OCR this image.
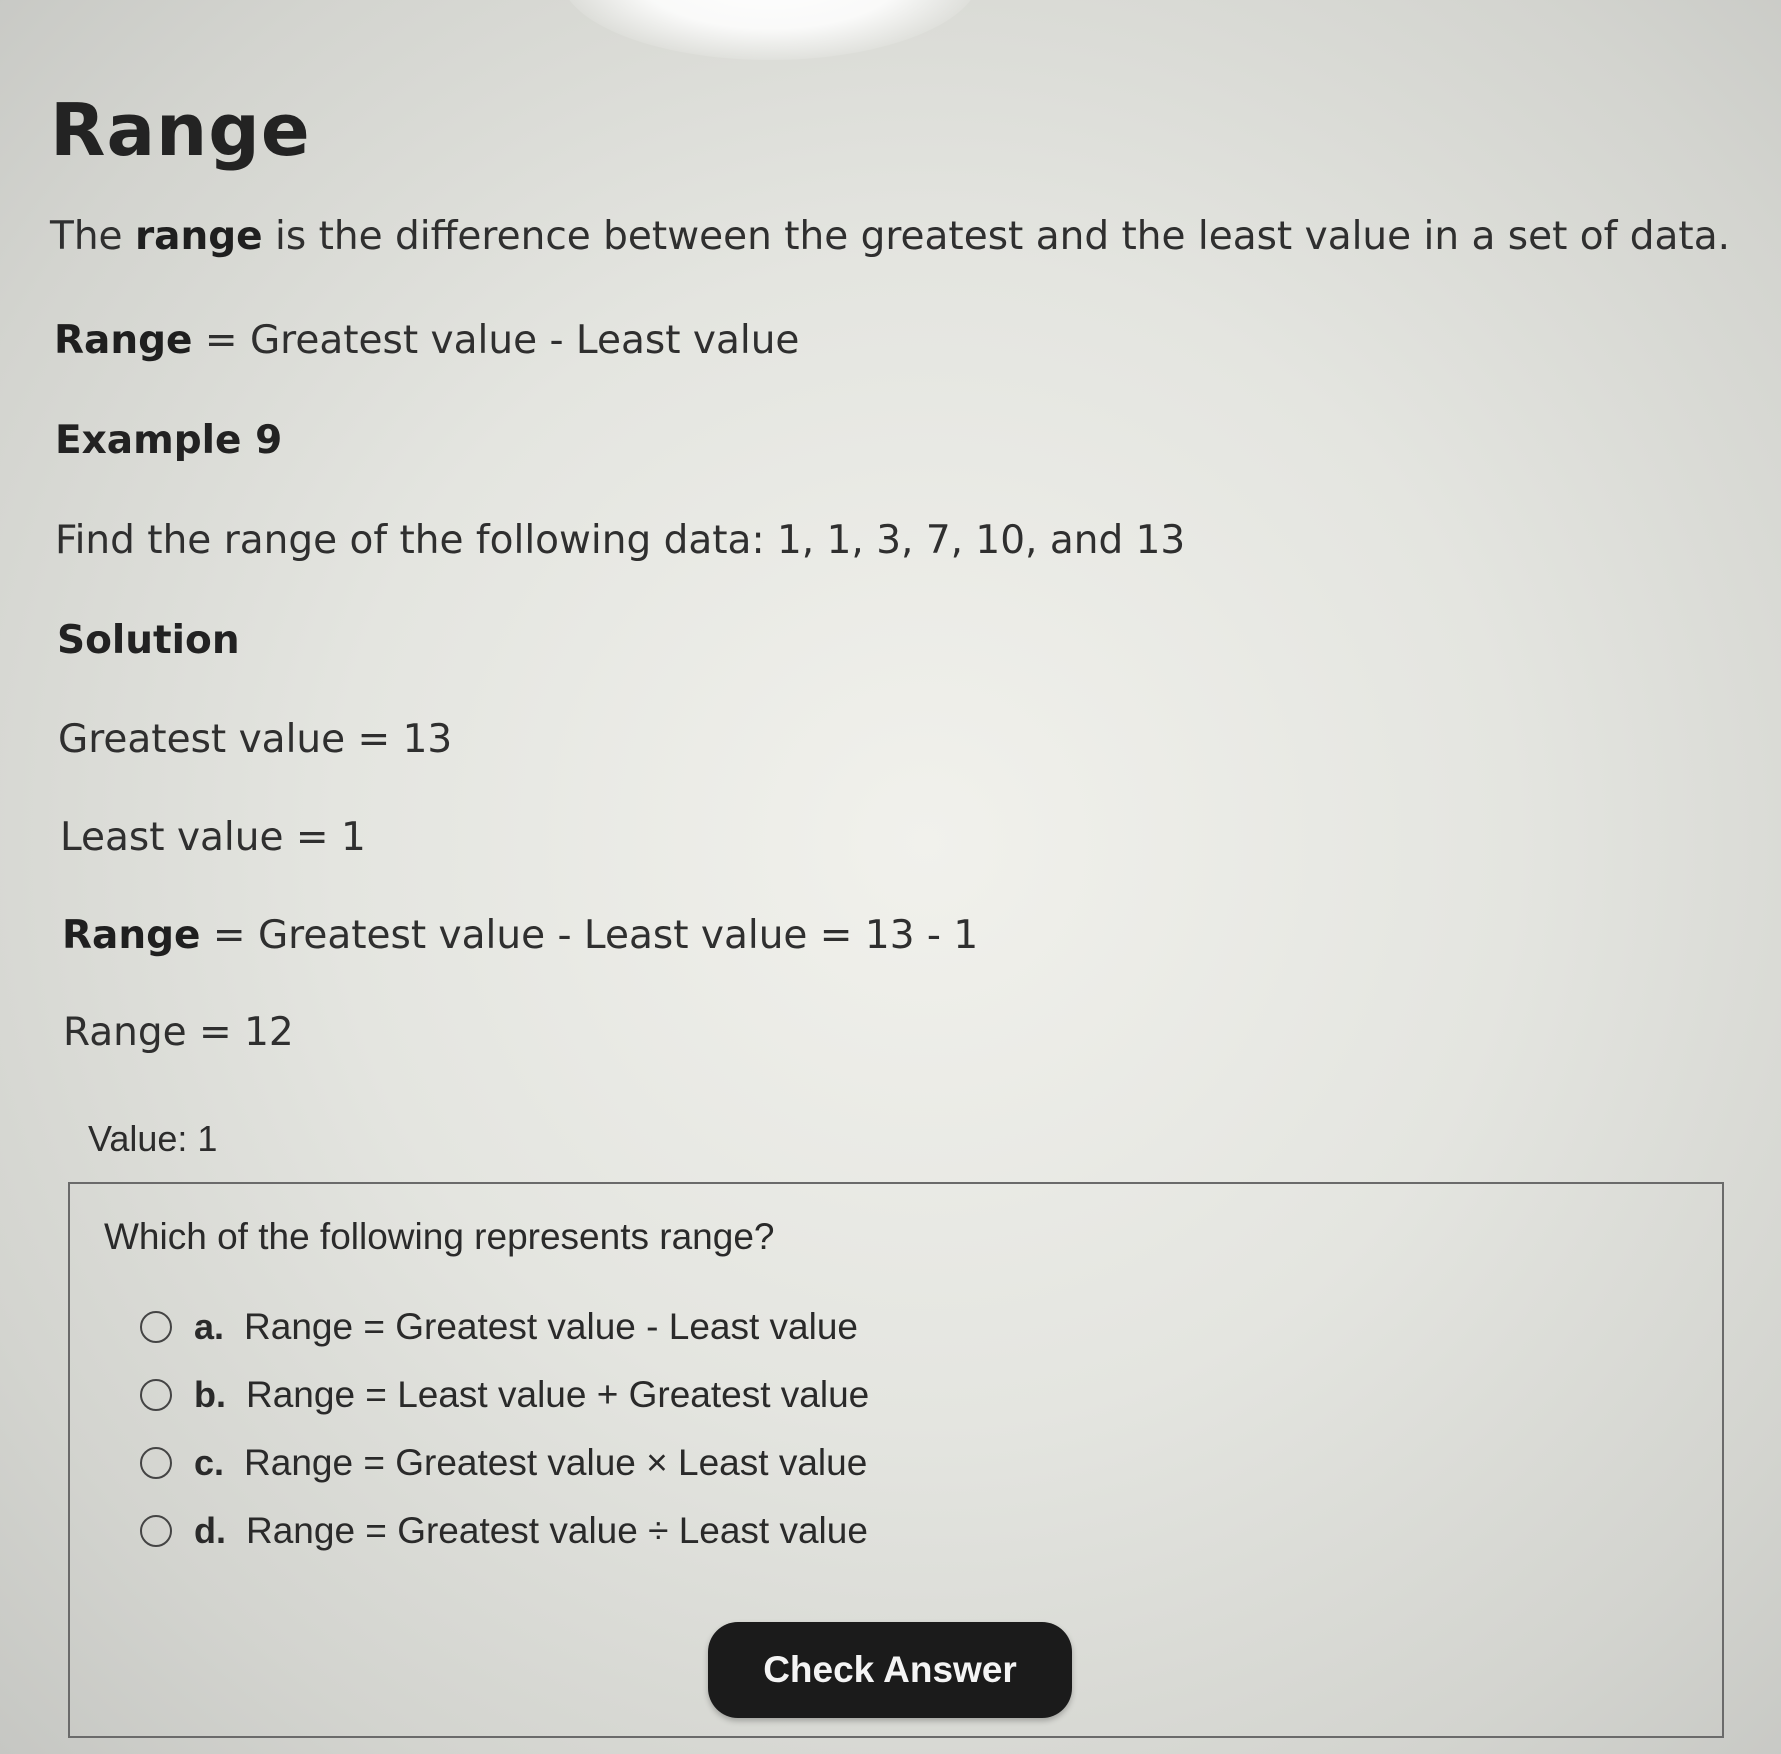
Range
The range is the difference between the greatest and the least value in a set of data.
Range = Greatest value - Least value
Example 9
Find the range of the following data: 1, 1, 3, 7, 10, and 13
Solution
Greatest value = 13
Least value = 1
Range = Greatest value - Least value = 13 - 1
Range = 12
Value: 1
Which of the following represents range?
a. Range = Greatest value - Least value
b. Range = Least value + Greatest value
c. Range = Greatest value × Least value
d. Range = Greatest value ÷ Least value
Check Answer
